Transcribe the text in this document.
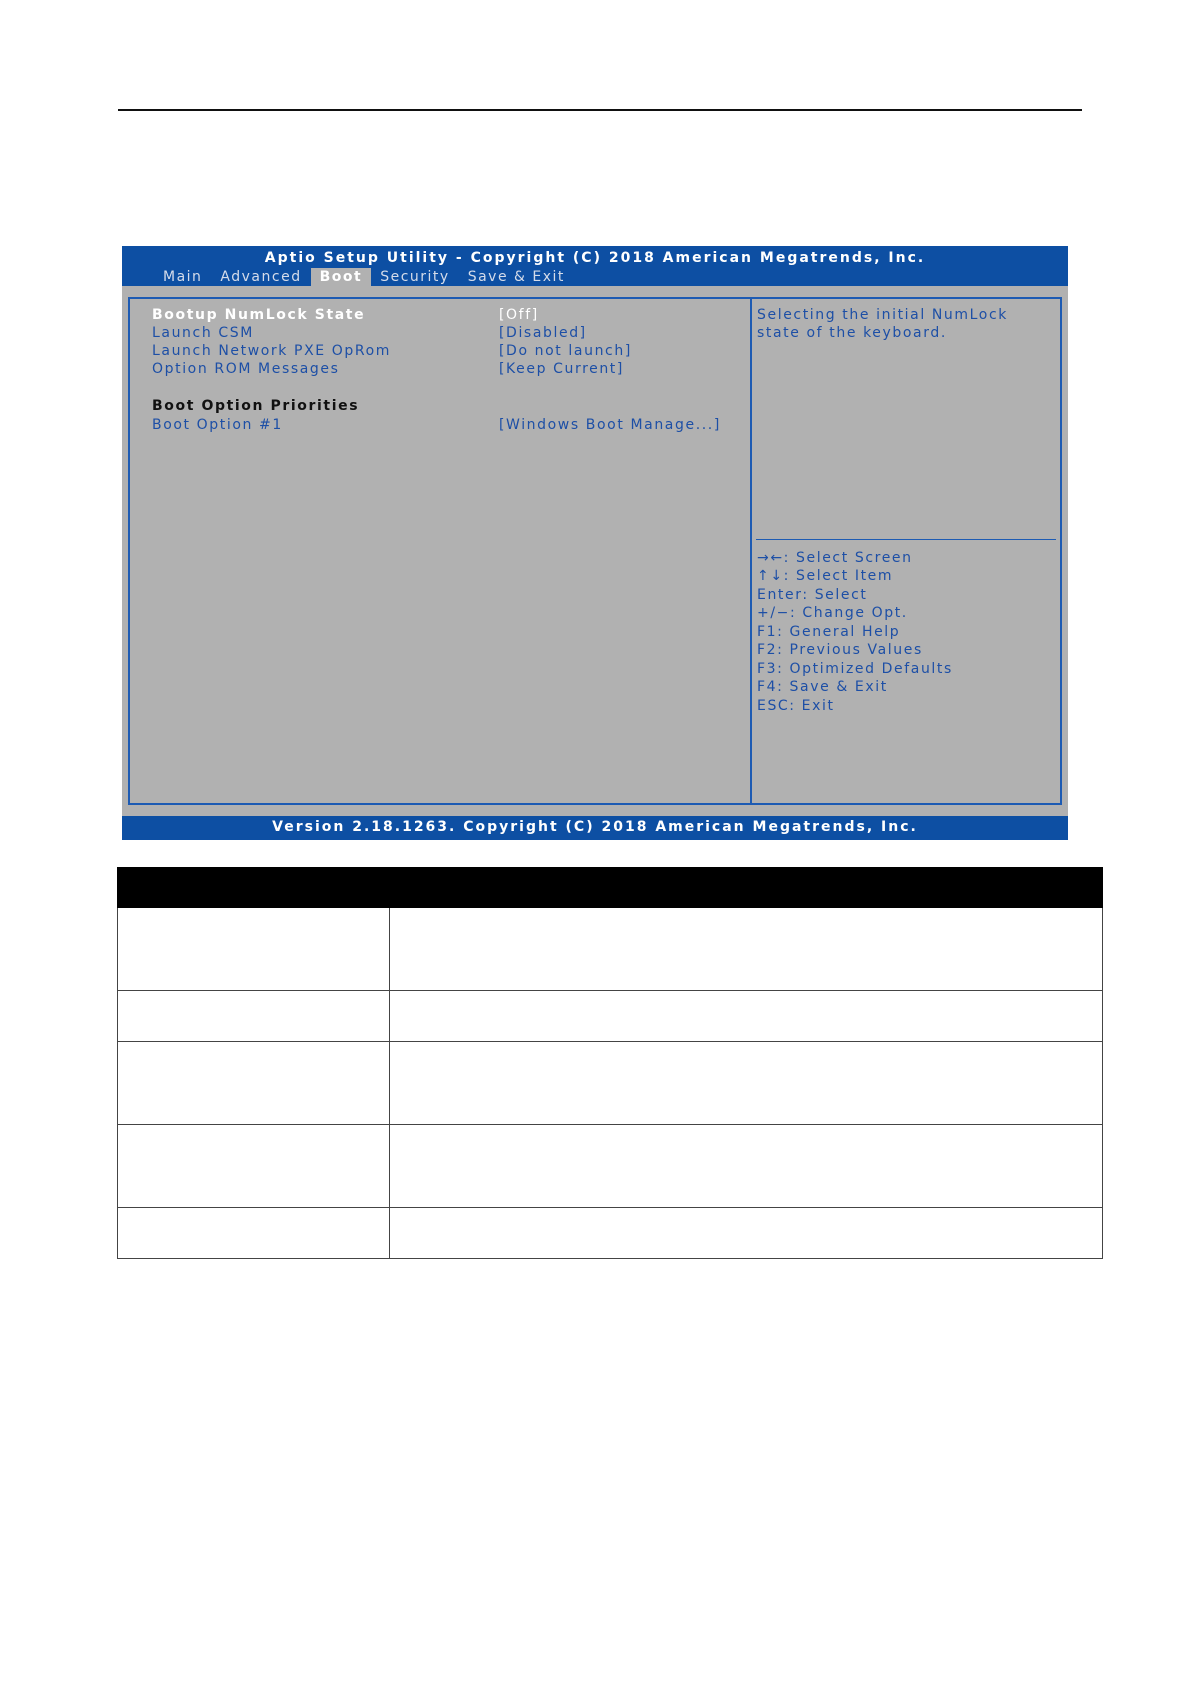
Aptio Setup Utility - Copyright (C) 2018 American Megatrends, Inc.
Main	Advanced	Boot	Security	Save & Exit
Bootup NumLock State	[Off]
Launch CSM	[Disabled]
Launch Network PXE OpRom	[Do not launch]
Option ROM Messages	[Keep Current]
Boot Option Priorities
Boot Option #1	[Windows Boot Manage...]
Selecting the initial NumLock
state of the keyboard.
→←: Select Screen
↑↓: Select Item
Enter: Select
+/−: Change Opt.
F1: General Help
F2: Previous Values
F3: Optimized Defaults
F4: Save & Exit
ESC: Exit
Version 2.18.1263. Copyright (C) 2018 American Megatrends, Inc.
